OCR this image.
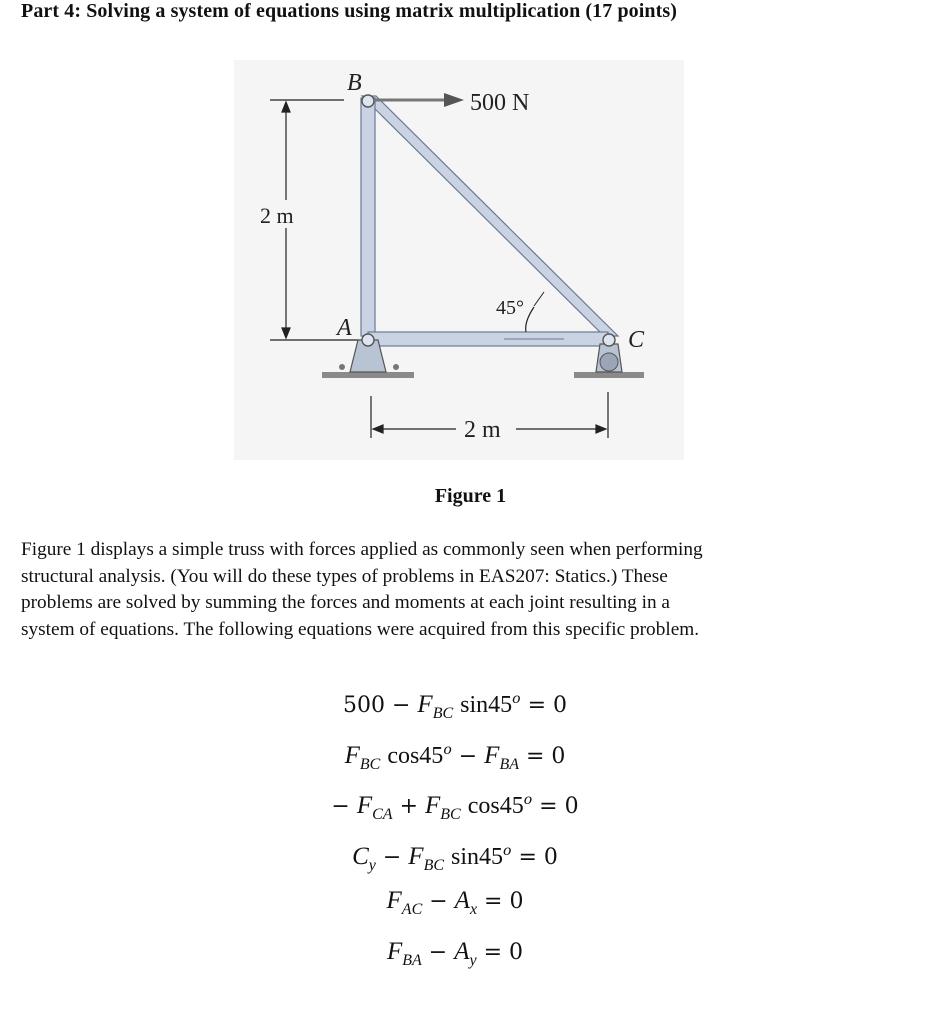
Part 4: Solving a system of equations using matrix multiplication (17 points)
2 m
500 N
B
45°
A	C
2 m
Figure 1
Figure 1 displays a simple truss with forces applied as commonly seen when performing
structural analysis. (You will do these types of problems in EAS207: Statics.) These
problems are solved by summing the forces and moments at each joint resulting in a
system of equations. The following equations were acquired from this specific problem.
$500 - F_{BC}$ $\sin 45^o = 0$
$F_{BC}$ $\cos 45^o - F_{BA} = 0$
− $F_{CA} + F_{BC}$ $\cos 45^o = 0$
$C_y - F_{BC}$ $\sin 45^o = 0$
$F_{AC} - A_x = 0$
$F_{BA} - A_y = 0$
